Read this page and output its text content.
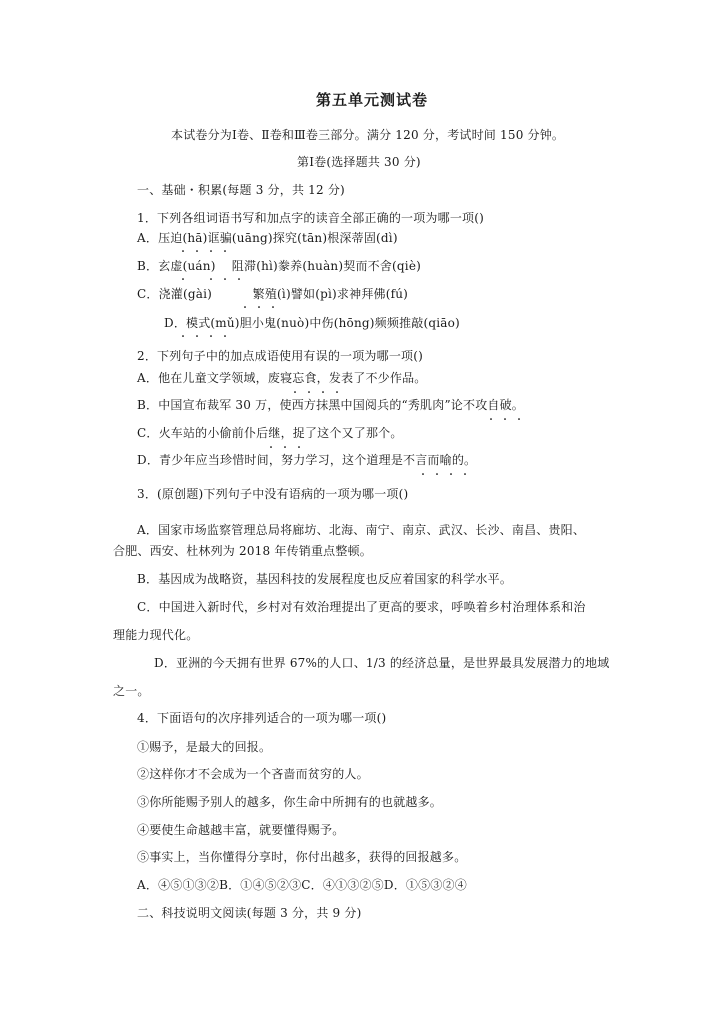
第五单元测试卷
本试卷分为Ⅰ卷、Ⅱ卷和Ⅲ卷三部分。满分 120 分，考试时间 150 分钟。
第Ⅰ卷(选择题共 30 分)
一、基础・积累(每题 3 分，共 12 分)
1．下列各组词语书写和加点字的读音全部正确的一项为哪一项()
A．压迫(hā)诓骗(uāng)探究(tān)根深蒂固(dì)
・・・・
B．玄虚(uán)　 阻滞(hì)豢养(huàn)契而不舍(qiè)
・　・・・
C．浇灌(gài)　　　 繁殖(ì)譬如(pì)求神拜佛(fú)
・・・
D．模式(mǔ)胆小鬼(nuò)中伤(hōng)频频推敲(qiāo)
・・・・
2．下列句子中的加点成语使用有误的一项为哪一项()
A．他在儿童文学领域，废寝忘食，发表了不少作品。
・・・・
B．中国宣布裁军 30 万，使西方抹黑中国阅兵的“秀肌肉”论不攻自破。
・・・
C．火车站的小偷前仆后继，捉了这个又了那个。
・・・
D．青少年应当珍惜时间，努力学习，这个道理是不言而喻的。
・・・・
3．(原创题)下列句子中没有语病的一项为哪一项()
A．国家市场监察管理总局将廊坊、北海、南宁、南京、武汉、长沙、南昌、贵阳、
合肥、西安、杜林列为 2018 年传销重点整顿。
B．基因成为战略资，基因科技的发展程度也反应着国家的科学水平。
C．中国进入新时代，乡村对有效治理提出了更高的要求，呼唤着乡村治理体系和治
理能力现代化。
D．亚洲的今天拥有世界 67%的人口、1/3 的经济总量，是世界最具发展潜力的地域
之一。
4．下面语句的次序排列适合的一项为哪一项()
①赐予，是最大的回报。
②这样你才不会成为一个吝啬而贫穷的人。
③你所能赐予别人的越多，你生命中所拥有的也就越多。
④要使生命越越丰富，就要懂得赐予。
⑤事实上，当你懂得分享时，你付出越多，获得的回报越多。
A．④⑤①③②B．①④⑤②③C．④①③②⑤D．①⑤③②④
二、科技说明文阅读(每题 3 分，共 9 分)
